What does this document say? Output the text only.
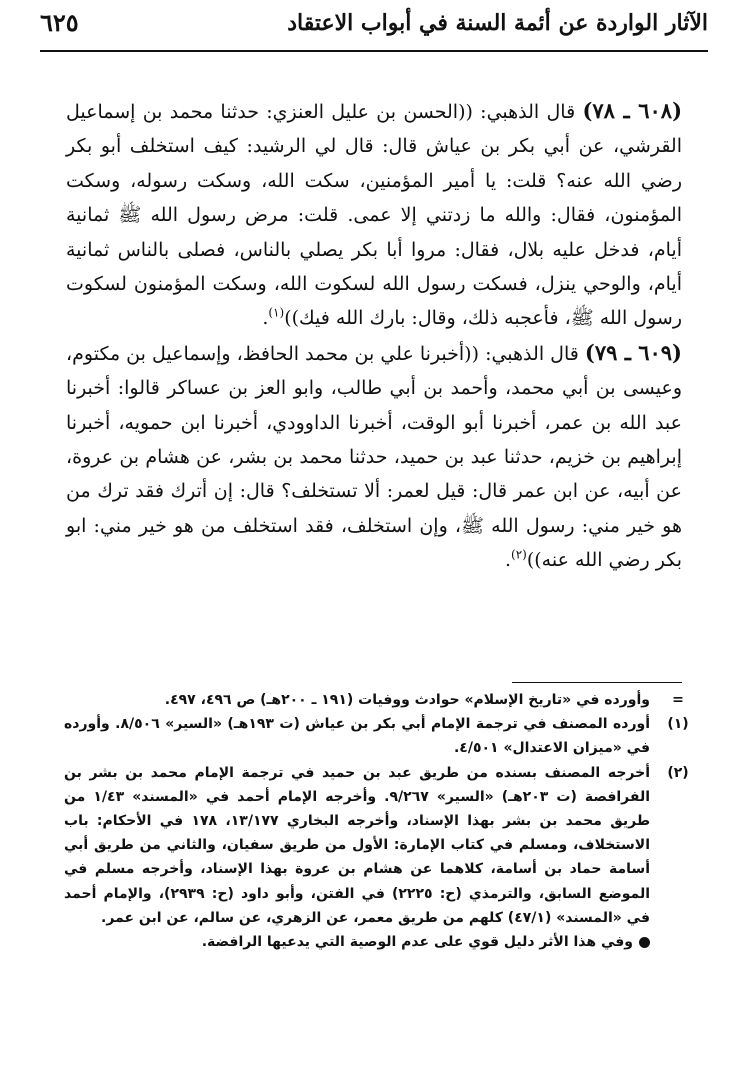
الآثار الواردة عن أئمة السنة في أبواب الاعتقاد
٦٢٥

(٦٠٨ ـ ٧٨) قال الذهبي: ((الحسن بن عليل العنزي: حدثنا محمد بن إسماعيل القرشي، عن أبي بكر بن عياش قال: قال لي الرشيد: كيف استخلف أبو بكر رضي الله عنه؟ قلت: يا أمير المؤمنين، سكت الله، وسكت رسوله، وسكت المؤمنون، فقال: والله ما زدتني إلا عمى. قلت: مرض رسول الله ﷺ ثمانية أيام، فدخل عليه بلال، فقال: مروا أبا بكر يصلي بالناس، فصلى بالناس ثمانية أيام، والوحي ينزل، فسكت رسول الله لسكوت الله، وسكت المؤمنون لسكوت رسول الله ﷺ، فأعجبه ذلك، وقال: بارك الله فيك))$^{(١)}$.

(٦٠٩ ـ ٧٩) قال الذهبي: ((أخبرنا علي بن محمد الحافظ، وإسماعيل بن مكتوم، وعيسى بن أبي محمد، وأحمد بن أبي طالب، وابو العز بن عساكر قالوا: أخبرنا عبد الله بن عمر، أخبرنا أبو الوقت، أخبرنا الداوودي، أخبرنا ابن حمويه، أخبرنا إبراهيم بن خزيم، حدثنا عبد بن حميد، حدثنا محمد بن بشر، عن هشام بن عروة، عن أبيه، عن ابن عمر قال: قيل لعمر: ألا تستخلف؟ قال: إن أترك فقد ترك من هو خير مني: رسول الله ﷺ، وإن استخلف، فقد استخلف من هو خير مني: ابو بكر رضي الله عنه))$^{(٢)}$.

=
وأورده في «تاريخ الإسلام» حوادث ووفيات (١٩١ ـ ٢٠٠هـ) ص ٤٩٦، ٤٩٧.
(١)
أورده المصنف في ترجمة الإمام أبي بكر بن عياش (ت ١٩٣هـ) «السير» ٨/٥٠٦. وأورده في «ميزان الاعتدال» ٤/٥٠١.
(٢)
أخرجه المصنف بسنده من طريق عبد بن حميد في ترجمة الإمام محمد بن بشر بن الفرافصة (ت ٢٠٣هـ) «السير» ٩/٢٦٧. وأخرجه الإمام أحمد في «المسند» ١/٤٣ من طريق محمد بن بشر بهذا الإسناد، وأخرجه البخاري ١٣/١٧٧، ١٧٨ في الأحكام: باب الاستخلاف، ومسلم في كتاب الإمارة: الأول من طريق سفيان، والثاني من طريق أبي أسامة حماد بن أسامة، كلاهما عن هشام بن عروة بهذا الإسناد، وأخرجه مسلم في الموضع السابق، والترمذي (ح: ٢٢٢٥) في الفتن، وأبو داود (ح: ٢٩٣٩)، والإمام أحمد في «المسند» (٤٧/١) كلهم من طريق معمر، عن الزهري، عن سالم، عن ابن عمر.
وفي هذا الأثر دليل قوي على عدم الوصية التي يدعيها الرافضة.
